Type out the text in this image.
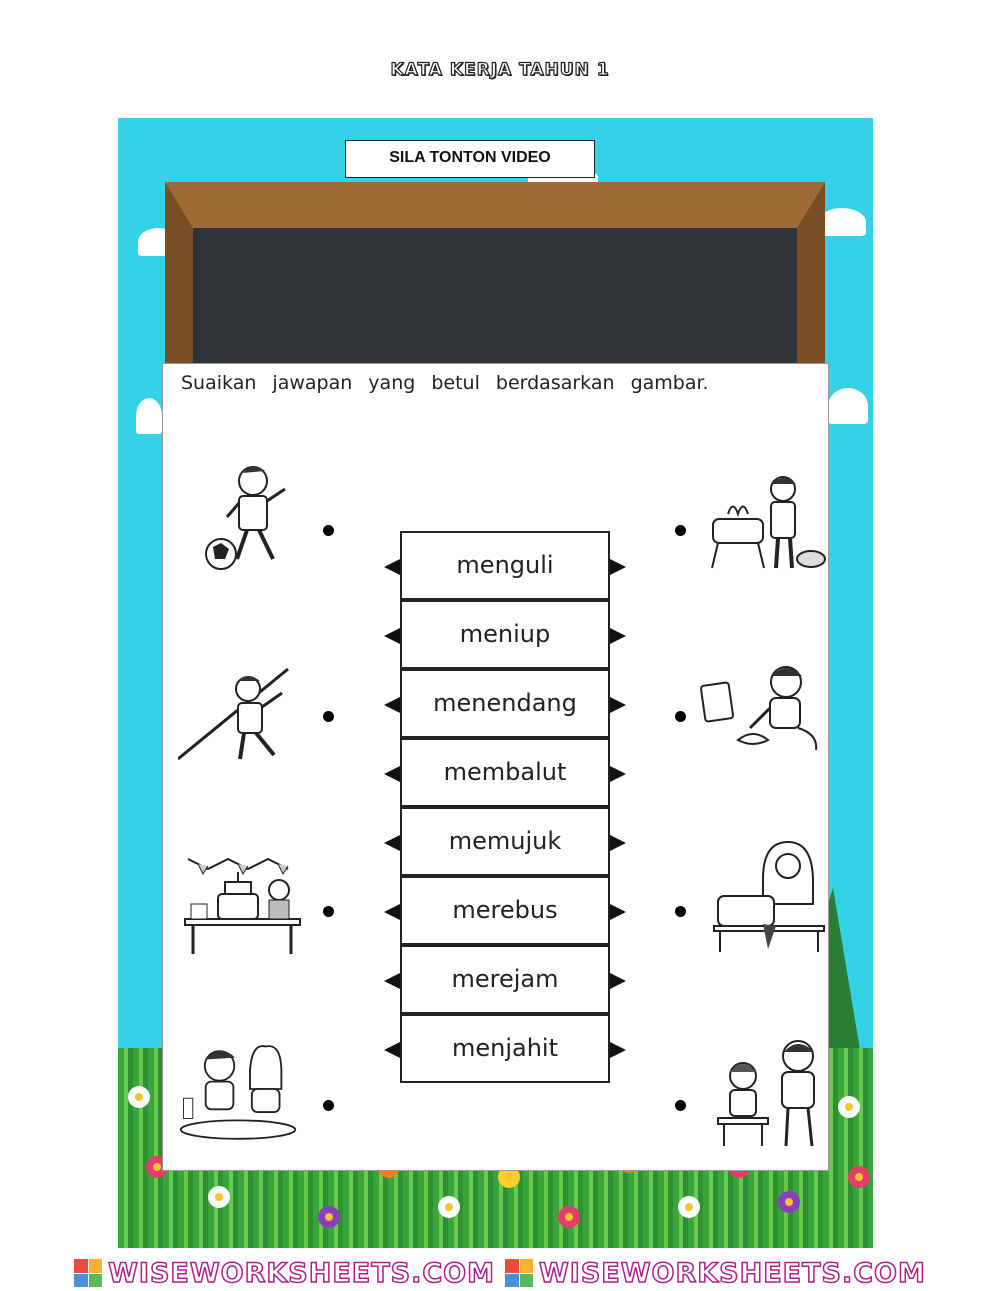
KATA KERJA TAHUN 1
SILA TONTON VIDEO
Suaikan jawapan yang betul berdasarkan gambar.
menguli
meniup
menendang
membalut
memujuk
merebus
merejam
menjahit
WISEWORKSHEETS.COM WISEWORKSHEETS.COM
